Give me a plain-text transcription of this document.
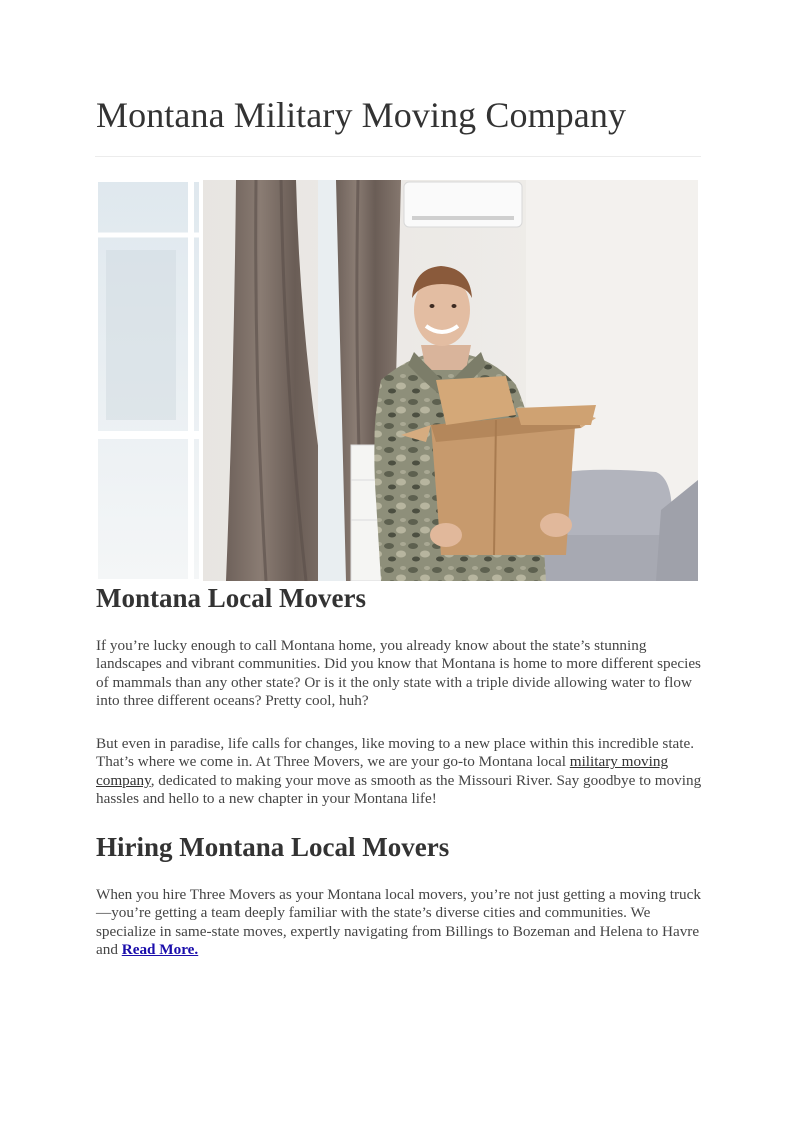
Montana Military Moving Company
Montana Local Movers

If you’re lucky enough to call Montana home, you already know about the state’s stunning landscapes and vibrant communities. Did you know that Montana is home to more different species of mammals than any other state? Or is it the only state with a triple divide allowing water to flow into three different oceans? Pretty cool, huh?

But even in paradise, life calls for changes, like moving to a new place within this incredible state. That’s where we come in. At Three Movers, we are your go-to Montana local military moving company, dedicated to making your move as smooth as the Missouri River. Say goodbye to moving hassles and hello to a new chapter in your Montana life!

Hiring Montana Local Movers

When you hire Three Movers as your Montana local movers, you’re not just getting a moving truck—you’re getting a team deeply familiar with the state’s diverse cities and communities. We specialize in same-state moves, expertly navigating from Billings to Bozeman and Helena to Havre and Read More.
